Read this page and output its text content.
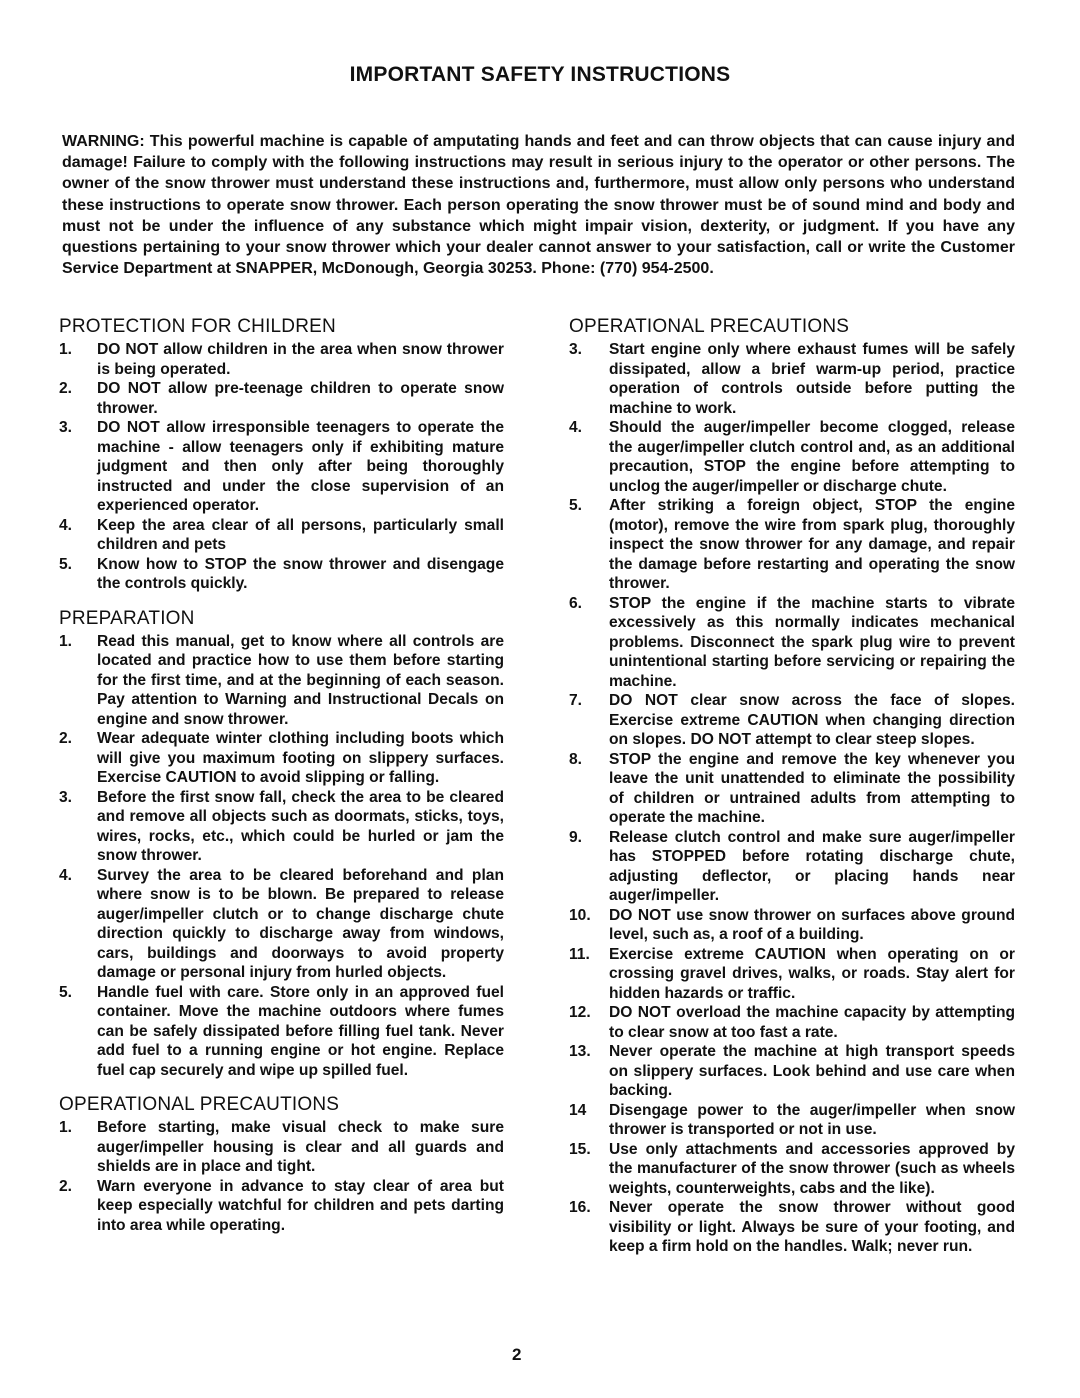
IMPORTANT SAFETY INSTRUCTIONS

WARNING: This powerful machine is capable of amputating hands and feet and can throw objects that can cause injury and damage! Failure to comply with the following instructions may result in serious injury to the operator or other persons. The owner of the snow thrower must understand these instructions and, furthermore, must allow only persons who understand these instructions to operate snow thrower. Each person operating the snow thrower must be of sound mind and body and must not be under the influence of any substance which might impair vision, dexterity, or judgment. If you have any questions pertaining to your snow thrower which your dealer cannot answer to your satisfaction, call or write the Customer Service Department at SNAPPER, McDonough, Georgia 30253. Phone: (770) 954-2500.

PROTECTION FOR CHILDREN
1.	DO NOT allow children in the area when snow thrower is being operated.
2.	DO NOT allow pre-teenage children to operate snow thrower.
3.	DO NOT allow irresponsible teenagers to operate the machine - allow teenagers only if exhibiting mature judgment and then only after being thoroughly instructed and under the close supervision of an experienced operator.
4.	Keep the area clear of all persons, particularly small children and pets
5.	Know how to STOP the snow thrower and disengage the controls quickly.
PREPARATION
1.	Read this manual, get to know where all controls are located and practice how to use them before starting for the first time, and at the beginning of each season. Pay attention to Warning and Instructional Decals on engine and snow thrower.
2.	Wear adequate winter clothing including boots which will give you maximum footing on slippery surfaces. Exercise CAUTION to avoid slipping or falling.
3.	Before the first snow fall, check the area to be cleared and remove all objects such as doormats, sticks, toys, wires, rocks, etc., which could be hurled or jam the snow thrower.
4.	Survey the area to be cleared beforehand and plan where snow is to be blown. Be prepared to release auger/impeller clutch or to change discharge chute direction quickly to discharge away from windows, cars, buildings and doorways to avoid property damage or personal injury from hurled objects.
5.	Handle fuel with care. Store only in an approved fuel container. Move the machine outdoors where fumes can be safely dissipated before filling fuel tank. Never add fuel to a running engine or hot engine. Replace fuel cap securely and wipe up spilled fuel.
OPERATIONAL PRECAUTIONS
1.	Before starting, make visual check to make sure auger/impeller housing is clear and all guards and shields are in place and tight.
2.	Warn everyone in advance to stay clear of area but keep especially watchful for children and pets darting into area while operating.
OPERATIONAL PRECAUTIONS
3.	Start engine only where exhaust fumes will be safely dissipated, allow a brief warm-up period, practice operation of controls outside before putting the machine to work.
4.	Should the auger/impeller become clogged, release the auger/impeller clutch control and, as an additional precaution, STOP the engine before attempting to unclog the auger/impeller or discharge chute.
5.	After striking a foreign object, STOP the engine (motor), remove the wire from spark plug, thoroughly inspect the snow thrower for any damage, and repair the damage before restarting and operating the snow thrower.
6.	STOP the engine if the machine starts to vibrate excessively as this normally indicates mechanical problems. Disconnect the spark plug wire to prevent unintentional starting before servicing or repairing the machine.
7.	DO NOT clear snow across the face of slopes. Exercise extreme CAUTION when changing direction on slopes. DO NOT attempt to clear steep slopes.
8.	STOP the engine and remove the key whenever you leave the unit unattended to eliminate the possibility of children or untrained adults from attempting to operate the machine.
9.	Release clutch control and make sure auger/impeller has STOPPED before rotating discharge chute, adjusting deflector, or placing hands near auger/impeller.
10.	DO NOT use snow thrower on surfaces above ground level, such as, a roof of a building.
11.	Exercise extreme CAUTION when operating on or crossing gravel drives, walks, or roads. Stay alert for hidden hazards or traffic.
12.	DO NOT overload the machine capacity by attempting to clear snow at too fast a rate.
13.	Never operate the machine at high transport speeds on slippery surfaces. Look behind and use care when backing.
14	Disengage power to the auger/impeller when snow thrower is transported or not in use.
15.	Use only attachments and accessories approved by the manufacturer of the snow thrower (such as wheels weights, counterweights, cabs and the like).
16.	Never operate the snow thrower without good visibility or light. Always be sure of your footing, and keep a firm hold on the handles. Walk; never run.
2
